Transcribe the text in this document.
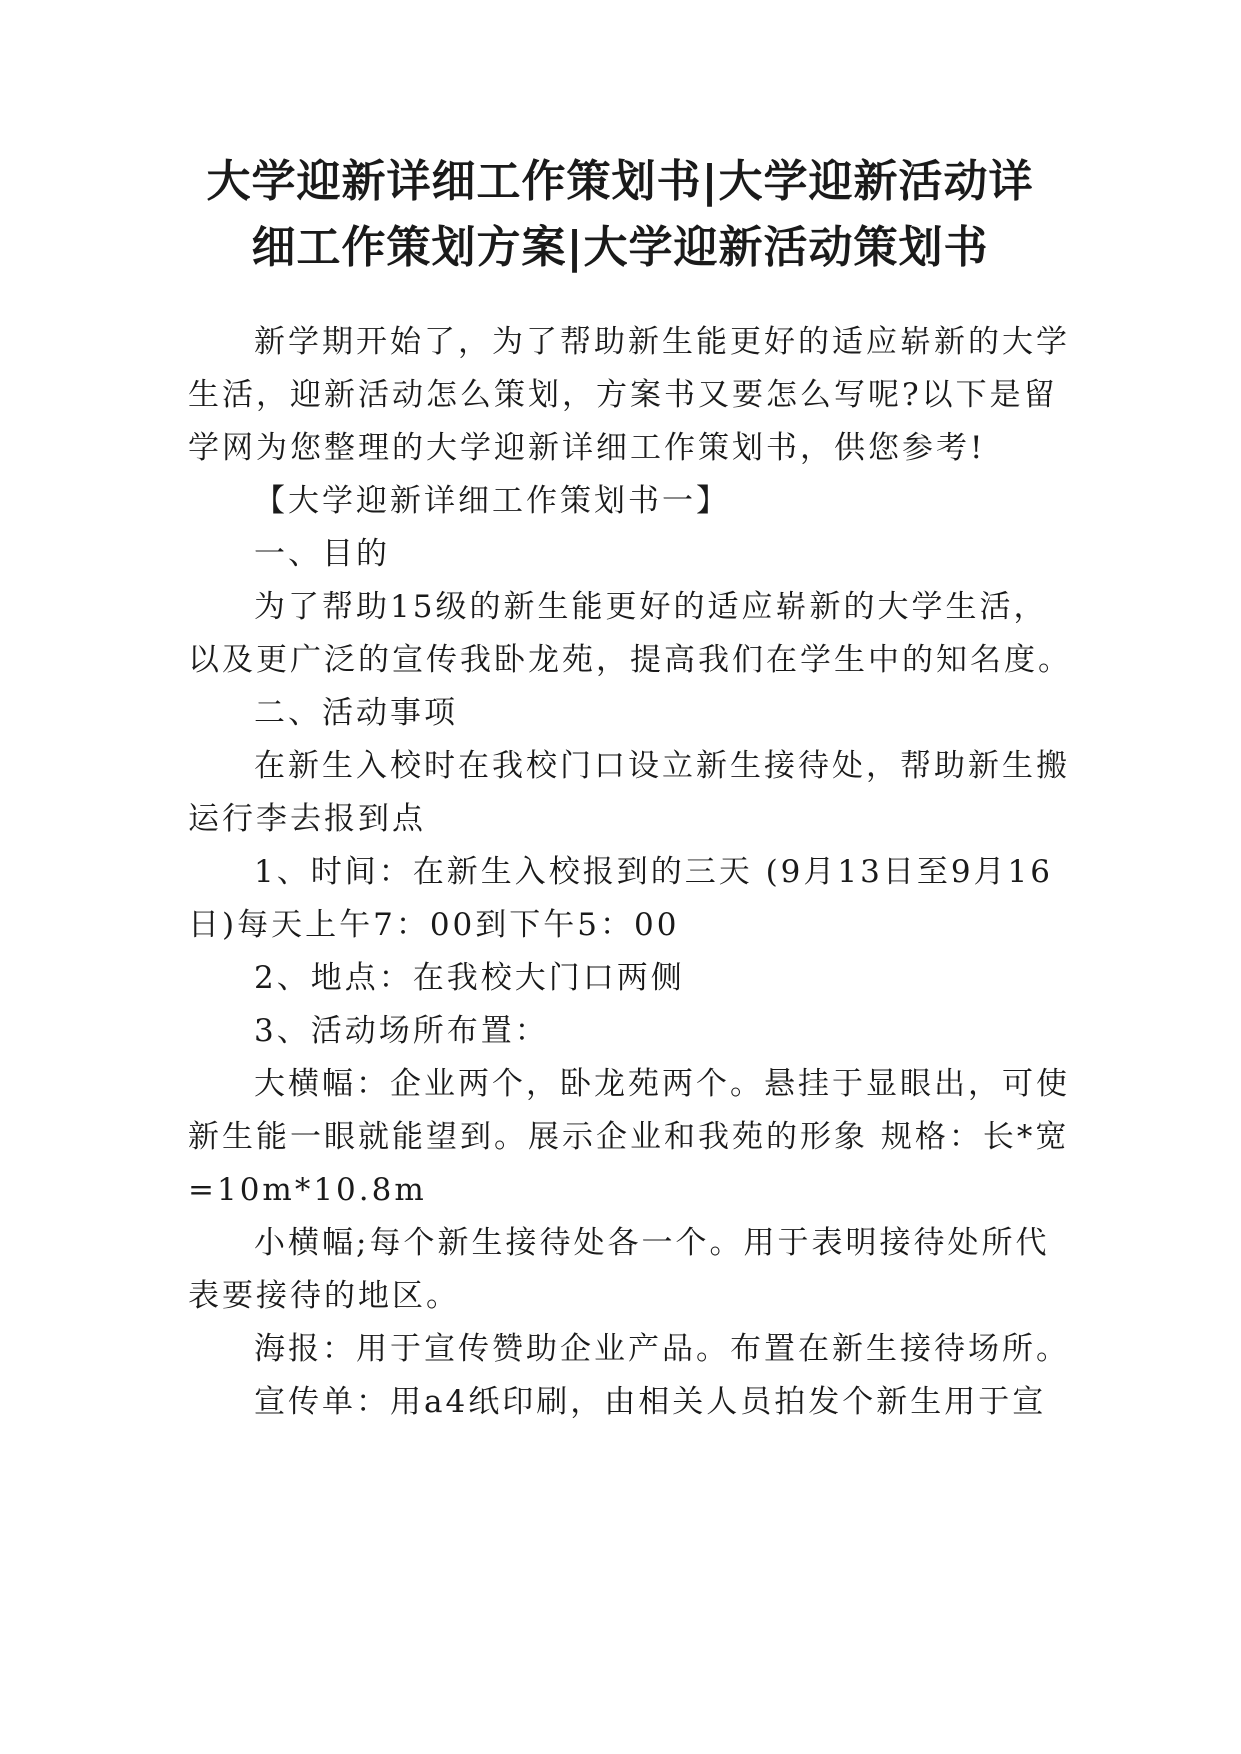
大学迎新详细工作策划书|大学迎新活动详
细工作策划方案|大学迎新活动策划书

新学期开始了，为了帮助新生能更好的适应崭新的大学

生活，迎新活动怎么策划，方案书又要怎么写呢?以下是留

学网为您整理的大学迎新详细工作策划书，供您参考!

【大学迎新详细工作策划书一】

一、目的

为了帮助15级的新生能更好的适应崭新的大学生活，

以及更广泛的宣传我卧龙苑，提高我们在学生中的知名度。

二、活动事项

在新生入校时在我校门口设立新生接待处，帮助新生搬

运行李去报到点

1、时间：在新生入校报到的三天 (9月13日至9月16

日)每天上午7：00到下午5：00

2、地点：在我校大门口两侧

3、活动场所布置：

大横幅：企业两个，卧龙苑两个。悬挂于显眼出，可使

新生能一眼就能望到。展示企业和我苑的形象 规格：长*宽

=10m*10.8m

小横幅;每个新生接待处各一个。用于表明接待处所代

表要接待的地区。

海报：用于宣传赞助企业产品。布置在新生接待场所。

宣传单：用a4纸印刷，由相关人员拍发个新生用于宣
